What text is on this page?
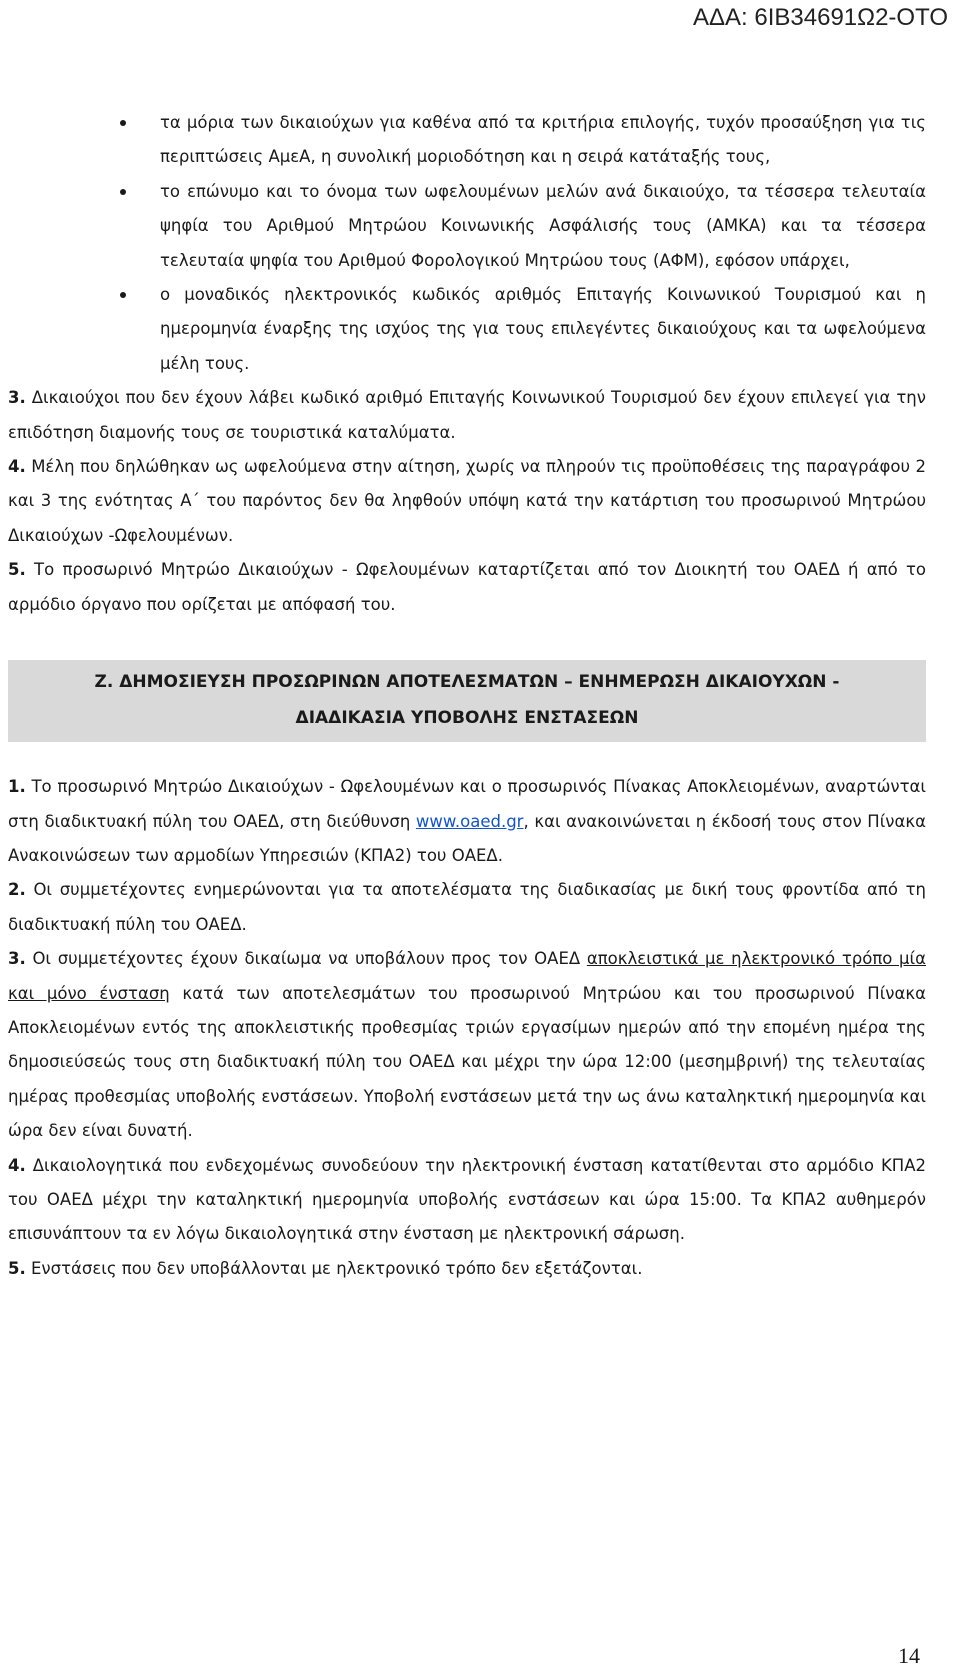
ΑΔΑ: 6ΙΒ34691Ω2-ΟΤΟ
τα μόρια των δικαιούχων για καθένα από τα κριτήρια επιλογής, τυχόν προσαύξηση για τις περιπτώσεις ΑμεΑ, η συνολική μοριοδότηση και η σειρά κατάταξής τους,
το επώνυμο και το όνομα των ωφελουμένων μελών ανά δικαιούχο, τα τέσσερα τελευταία ψηφία του Αριθμού Μητρώου Κοινωνικής Ασφάλισής τους (ΑΜΚΑ) και τα τέσσερα τελευταία ψηφία του Αριθμού Φορολογικού Μητρώου τους (ΑΦΜ), εφόσον υπάρχει,
ο μοναδικός ηλεκτρονικός κωδικός αριθμός Επιταγής Κοινωνικού Τουρισμού και η ημερομηνία έναρξης της ισχύος της για τους επιλεγέντες δικαιούχους και τα ωφελούμενα μέλη τους.

3. Δικαιούχοι που δεν έχουν λάβει κωδικό αριθμό Επιταγής Κοινωνικού Τουρισμού δεν έχουν επιλεγεί για την επιδότηση διαμονής τους σε τουριστικά καταλύματα.

4. Μέλη που δηλώθηκαν ως ωφελούμενα στην αίτηση, χωρίς να πληρούν τις προϋποθέσεις της παραγράφου 2 και 3 της ενότητας Α΄ του παρόντος δεν θα ληφθούν υπόψη κατά την κατάρτιση του προσωρινού Μητρώου Δικαιούχων -Ωφελουμένων.

5. Το προσωρινό Μητρώο Δικαιούχων - Ωφελουμένων καταρτίζεται από τον Διοικητή του ΟΑΕΔ ή από το αρμόδιο όργανο που ορίζεται με απόφασή του.

Ζ. ΔΗΜΟΣΙΕΥΣΗ ΠΡΟΣΩΡΙΝΩΝ ΑΠΟΤΕΛΕΣΜΑΤΩΝ – ΕΝΗΜΕΡΩΣΗ ΔΙΚΑΙΟΥΧΩΝ -
ΔΙΑΔΙΚΑΣΙΑ ΥΠΟΒΟΛΗΣ ΕΝΣΤΑΣΕΩΝ

1. Το προσωρινό Μητρώο Δικαιούχων - Ωφελουμένων και ο προσωρινός Πίνακας Αποκλειομένων, αναρτώνται στη διαδικτυακή πύλη του ΟΑΕΔ, στη διεύθυνση www.oaed.gr, και ανακοινώνεται η έκδοσή τους στον Πίνακα Ανακοινώσεων των αρμοδίων Υπηρεσιών (ΚΠΑ2) του ΟΑΕΔ.

2. Οι συμμετέχοντες ενημερώνονται για τα αποτελέσματα της διαδικασίας με δική τους φροντίδα από τη διαδικτυακή πύλη του ΟΑΕΔ.

3. Οι συμμετέχοντες έχουν δικαίωμα να υποβάλουν προς τον ΟΑΕΔ αποκλειστικά με ηλεκτρονικό τρόπο μία και μόνο ένσταση κατά των αποτελεσμάτων του προσωρινού Μητρώου και του προσωρινού Πίνακα Αποκλειομένων εντός της αποκλειστικής προθεσμίας τριών εργασίμων ημερών από την επομένη ημέρα της δημοσιεύσεώς τους στη διαδικτυακή πύλη του ΟΑΕΔ και μέχρι την ώρα 12:00 (μεσημβρινή) της τελευταίας ημέρας προθεσμίας υποβολής ενστάσεων. Υποβολή ενστάσεων μετά την ως άνω καταληκτική ημερομηνία και ώρα δεν είναι δυνατή.

4. Δικαιολογητικά που ενδεχομένως συνοδεύουν την ηλεκτρονική ένσταση κατατίθενται στο αρμόδιο ΚΠΑ2 του ΟΑΕΔ μέχρι την καταληκτική ημερομηνία υποβολής ενστάσεων και ώρα 15:00. Τα ΚΠΑ2 αυθημερόν επισυνάπτουν τα εν λόγω δικαιολογητικά στην ένσταση με ηλεκτρονική σάρωση.

5. Ενστάσεις που δεν υποβάλλονται με ηλεκτρονικό τρόπο δεν εξετάζονται.

14
